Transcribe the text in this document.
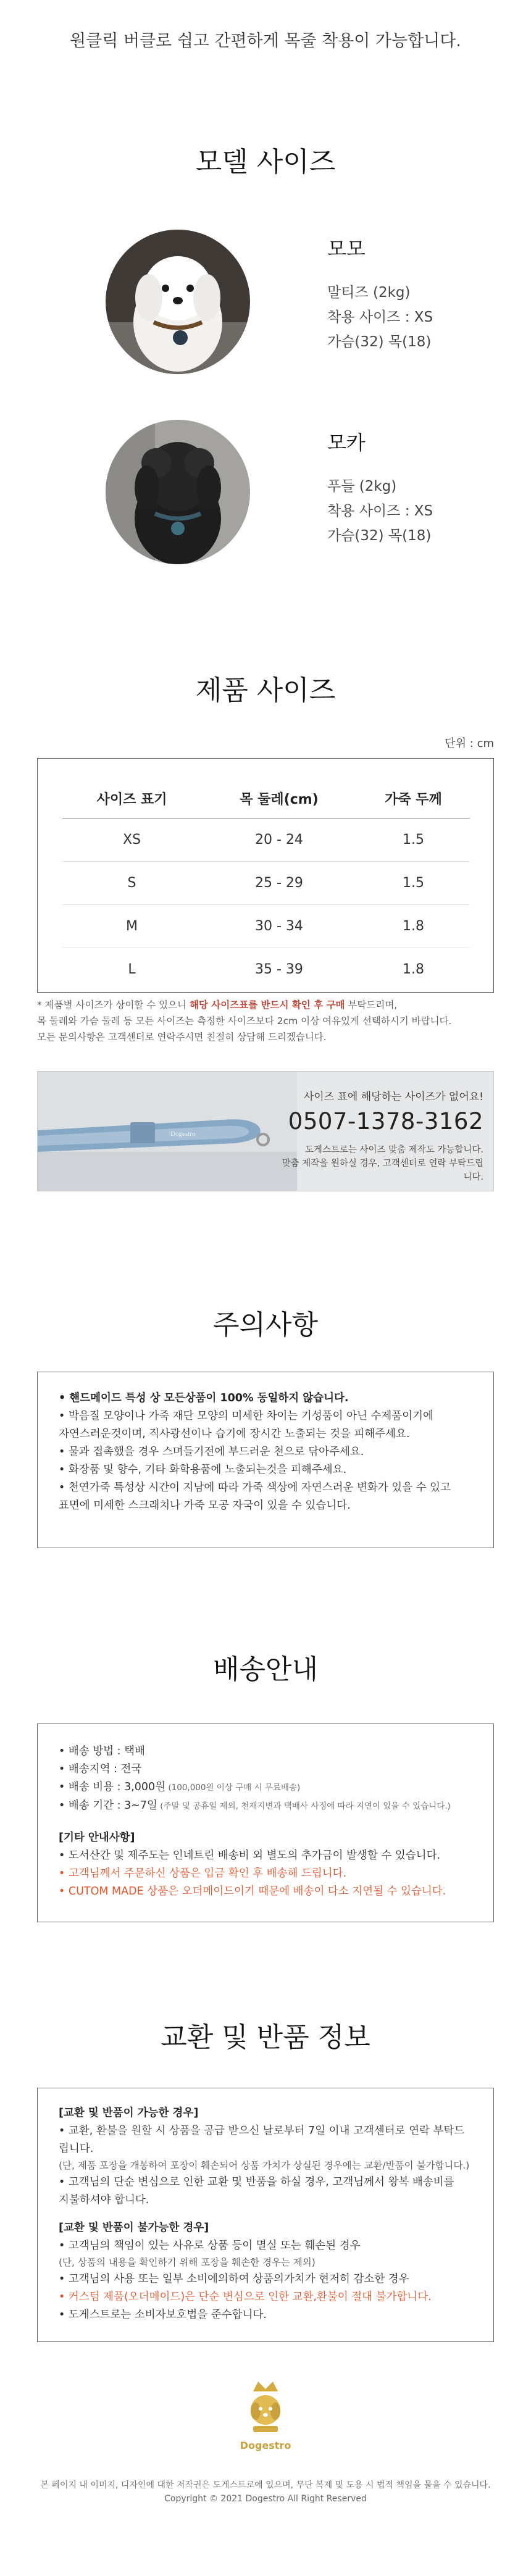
원클릭 버클로 쉽고 간편하게 목줄 착용이 가능합니다.
모델 사이즈
모모
말티즈 (2kg)
착용 사이즈 : XS
가슴(32) 목(18)
모카
푸들 (2kg)
착용 사이즈 : XS
가슴(32) 목(18)
제품 사이즈
단위 : cm
사이즈 표기	목 둘레(cm)	가죽 두께
XS	20 - 24	1.5
S	25 - 29	1.5
M	30 - 34	1.8
L	35 - 39	1.8
* 제품별 사이즈가 상이할 수 있으니 해당 사이즈표를 반드시 확인 후 구매 부탁드리며,
목 둘레와 가슴 둘레 등 모든 사이즈는 측정한 사이즈보다 2cm 이상 여유있게 선택하시기 바랍니다.
모든 문의사항은 고객센터로 연락주시면 친절히 상담해 드리겠습니다.
Dogestro
사이즈 표에 해당하는 사이즈가 없어요!
0507-1378-3162
도게스트로는 사이즈 맞춤 제작도 가능합니다.
맞춤 제작을 원하실 경우, 고객센터로 연락 부탁드립니다.
주의사항
• 핸드메이드 특성 상 모든상품이 100% 동일하지 않습니다.
• 박음질 모양이나 가죽 재단 모양의 미세한 차이는 기성품이 아닌 수제품이기에
자연스러운것이며, 직사광선이나 습기에 장시간 노출되는 것을 피해주세요.
• 물과 접촉했을 경우 스며들기전에 부드러운 천으로 닦아주세요.
• 화장품 및 향수, 기타 화학용품에 노출되는것을 피해주세요.
• 천연가죽 특성상 시간이 지남에 따라 가죽 색상에 자연스러운 변화가 있을 수 있고
표면에 미세한 스크래치나 가죽 모공 자국이 있을 수 있습니다.
배송안내
• 배송 방법 : 택배
• 배송지역 : 전국
• 배송 비용 : 3,000원 (100,000원 이상 구매 시 무료배송)
• 배송 기간 : 3~7일 (주말 및 공휴일 제외, 천재지변과 택배사 사정에 따라 지연이 있을 수 있습니다.)
[기타 안내사항]
• 도서산간 및 제주도는 인네트린 배송비 외 별도의 추가금이 발생할 수 있습니다.
• 고객님께서 주문하신 상품은 입금 확인 후 배송해 드립니다.
• CUTOM MADE 상품은 오더메이드이기 때문에 배송이 다소 지연될 수 있습니다.
교환 및 반품 정보
[교환 및 반품이 가능한 경우]
• 교환, 환불을 원할 시 상품을 공급 받으신 날로부터 7일 이내 고객센터로 연락 부탁드립니다.
(단, 제품 포장을 개봉하여 포장이 훼손되어 상품 가치가 상실된 경우에는 교환/반품이 불가합니다.)
• 고객님의 단순 변심으로 인한 교환 및 반품을 하실 경우, 고객님께서 왕복 배송비를
지불하셔야 합니다.
[교환 및 반품이 불가능한 경우]
• 고객님의 책임이 있는 사유로 상품 등이 멸실 또는 훼손된 경우
(단, 상품의 내용을 확인하기 위해 포장을 훼손한 경우는 제외)
• 고객님의 사용 또는 일부 소비에의하여 상품의가치가 현저히 감소한 경우
• 커스텀 제품(오더메이드)은 단순 변심으로 인한 교환,환불이 절대 불가합니다.
• 도게스트로는 소비자보호법을 준수합니다.
Dogestro
본 페이지 내 이미지, 디자인에 대한 저작권은 도게스트로에 있으며, 무단 복제 및 도용 시 법적 책임을 물을 수 있습니다.
Copyright © 2021 Dogestro All Right Reserved
